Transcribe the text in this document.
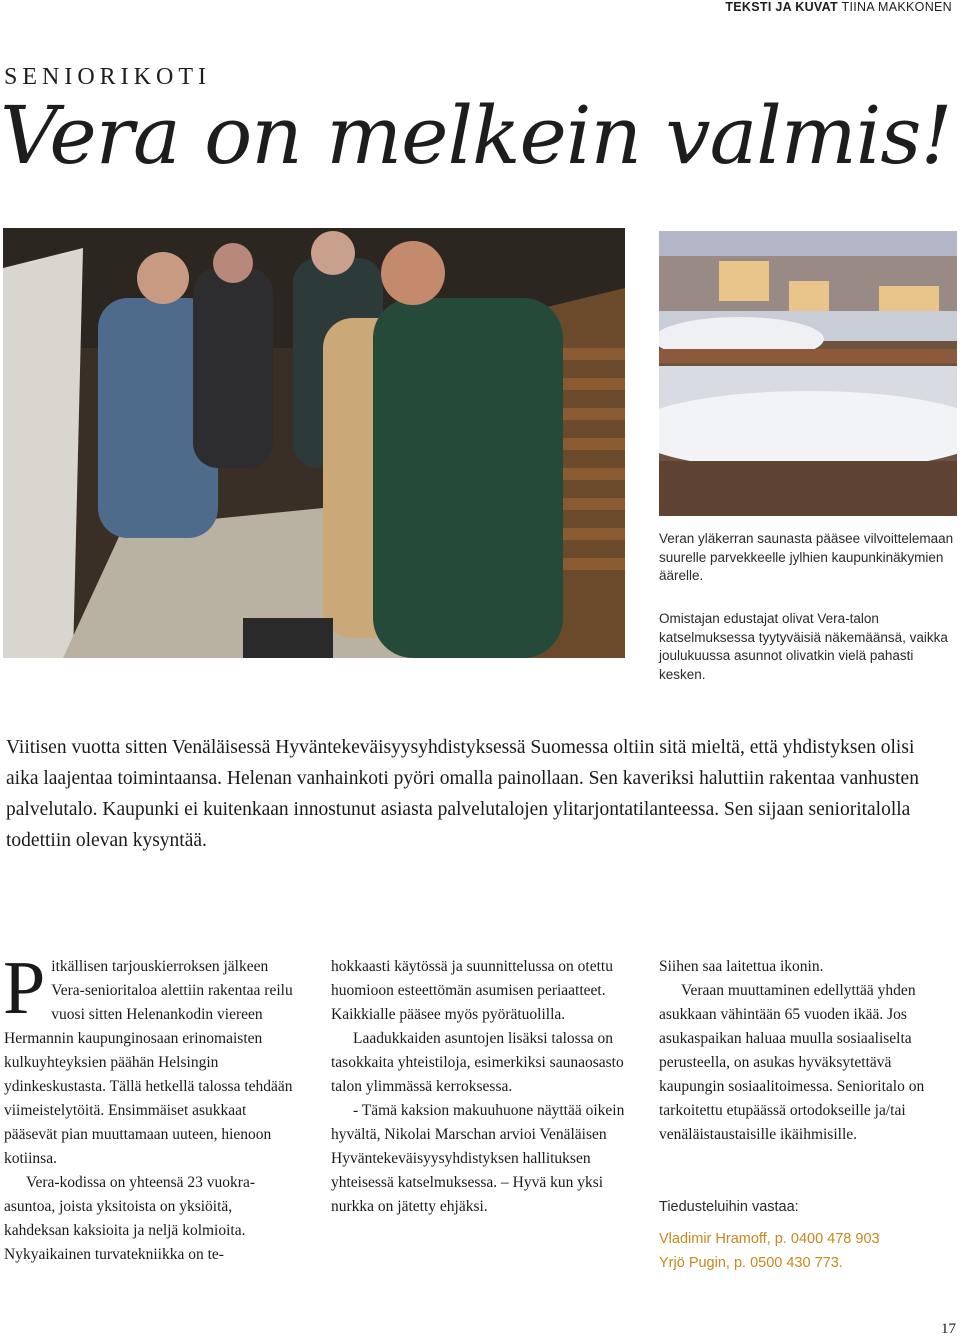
TEKSTI JA KUVAT TIINA MAKKONEN
SENIORIKOTI
Vera on melkein valmis!

Veran yläkerran saunasta pääsee vilvoittelemaan suurelle parvekkeelle jylhien kaupunkinäkymien äärelle.

Omistajan edustajat olivat Vera-talon katselmuksessa tyytyväisiä näkemäänsä, vaikka joulukuussa asunnot olivatkin vielä pahasti kesken.

Viitisen vuotta sitten Venäläisessä Hyväntekeväisyysyhdistyksessä Suomessa oltiin sitä mieltä, että yhdistyksen olisi aika laajentaa toimintaansa. Helenan vanhainkoti pyöri omalla painollaan. Sen kaveriksi haluttiin rakentaa vanhusten palvelutalo. Kaupunki ei kuitenkaan innostunut asiasta palvelutalojen ylitarjontatilanteessa. Sen sijaan senioritalolla todettiin olevan kysyntää.

Pitkällisen tarjouskierroksen jälkeen Vera-senioritaloa alettiin rakentaa reilu vuosi sitten Helenankodin viereen Hermannin kaupunginosaan erinomaisten kulkuyhteyksien päähän Helsingin ydinkeskustasta. Tällä hetkellä talossa tehdään viimeistelytöitä. Ensimmäiset asukkaat pääsevät pian muuttamaan uuteen, hienoon kotiinsa.

Vera-kodissa on yhteensä 23 vuokra-asuntoa, joista yksitoista on yksiöitä, kahdeksan kaksioita ja neljä kolmioita. Nykyaikainen turvatekniikka on te-

hokkaasti käytössä ja suunnittelussa on otettu huomioon esteettömän asumisen periaatteet. Kaikkialle pääsee myös pyörätuolilla.

Laadukkaiden asuntojen lisäksi talossa on tasokkaita yhteistiloja, esimerkiksi saunaosasto talon ylimmässä kerroksessa.

- Tämä kaksion makuuhuone näyttää oikein hyvältä, Nikolai Marschan arvioi Venäläisen Hyväntekeväisyysyhdistyksen hallituksen yhteisessä katselmuksessa. – Hyvä kun yksi nurkka on jätetty ehjäksi.

Siihen saa laitettua ikonin.

Veraan muuttaminen edellyttää yhden asukkaan vähintään 65 vuoden ikää. Jos asukaspaikan haluaa muulla sosiaaliselta perusteella, on asukas hyväksytettävä kaupungin sosiaalitoimessa. Senioritalo on tarkoitettu etupäässä ortodokseille ja/tai venäläistaustaisille ikäihmisille.

Tiedusteluihin vastaa:
Vladimir Hramoff, p. 0400 478 903
Yrjö Pugin, p. 0500 430 773.
17
